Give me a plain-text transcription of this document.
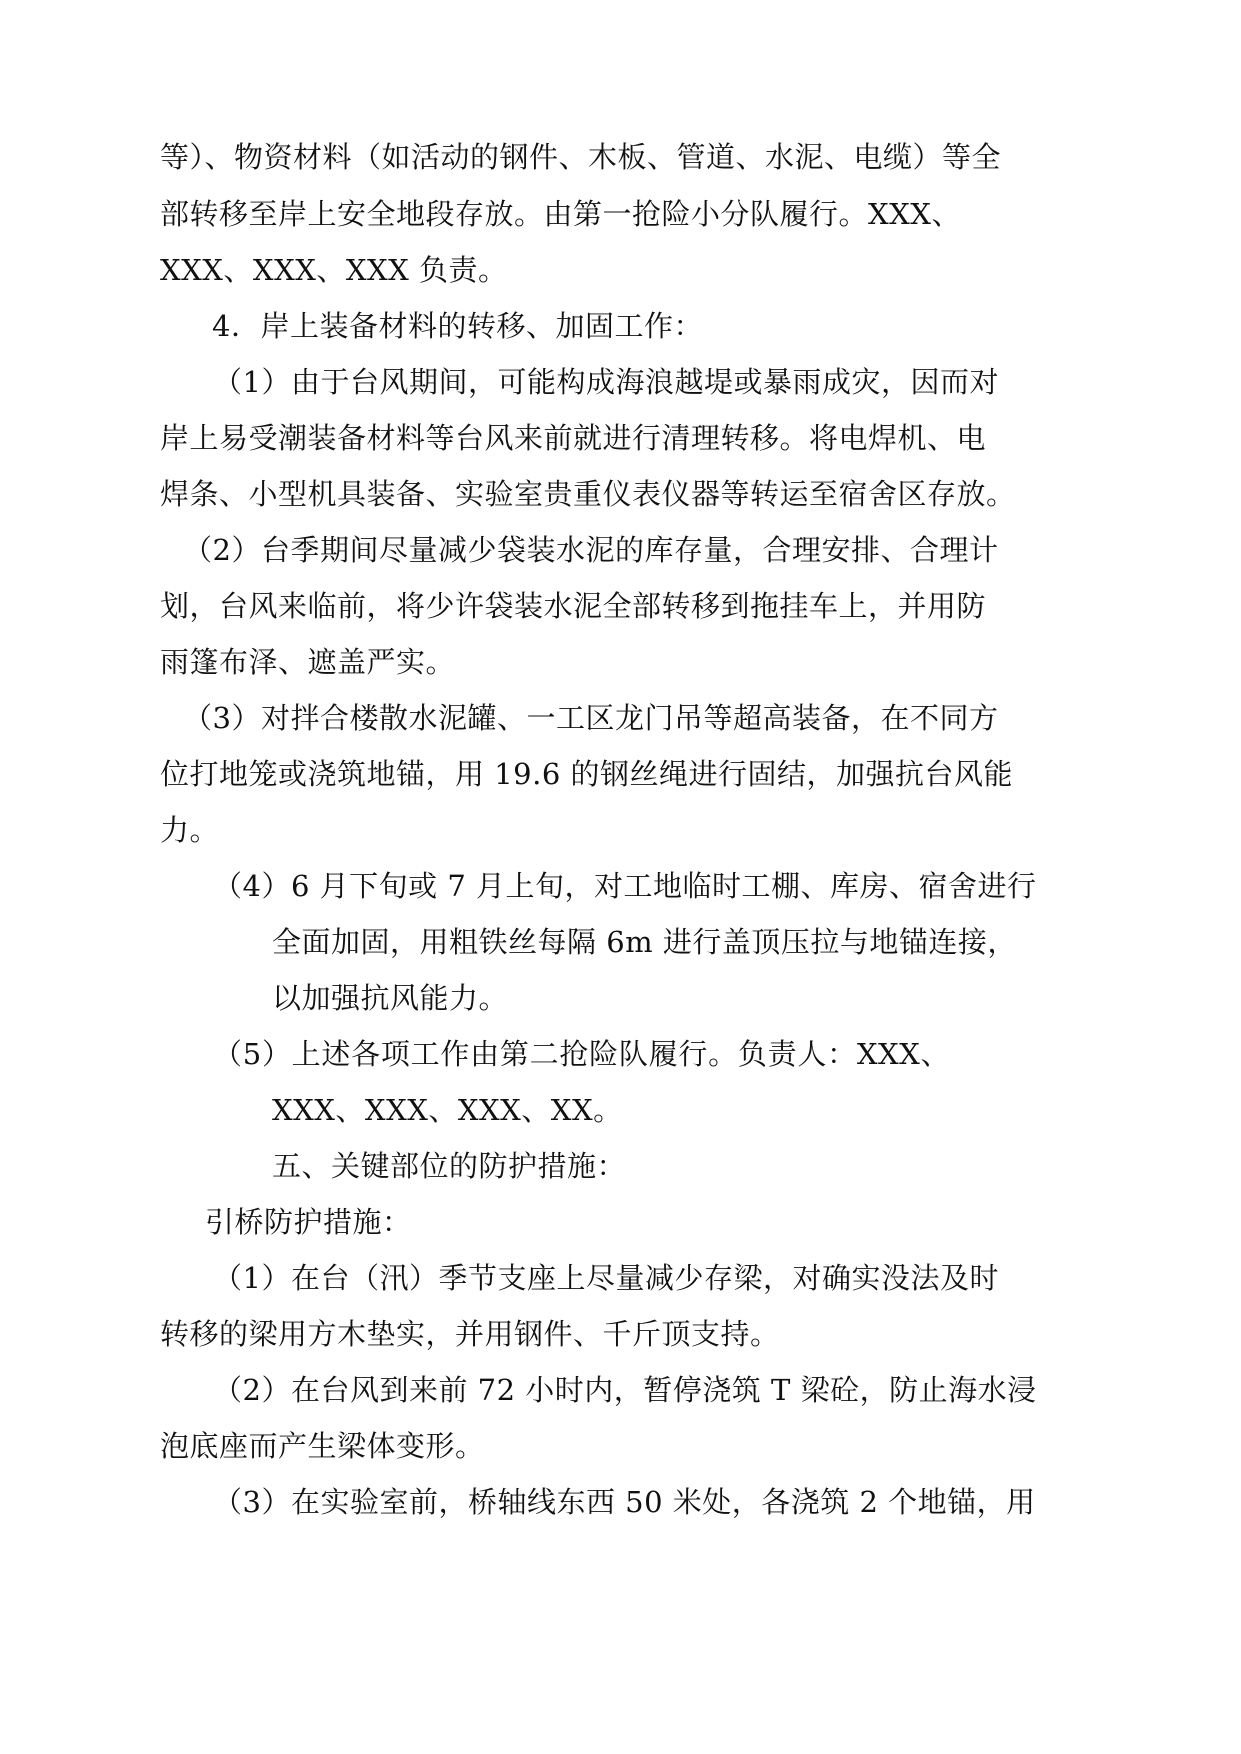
等）、物资材料（如活动的钢件、木板、管道、水泥、电缆）等全
部转移至岸上安全地段存放。由第一抢险小分队履行。XXX、
XXX、XXX、XXX 负责。
4．岸上装备材料的转移、加固工作：
（1）由于台风期间，可能构成海浪越堤或暴雨成灾，因而对
岸上易受潮装备材料等台风来前就进行清理转移。将电焊机、电
焊条、小型机具装备、实验室贵重仪表仪器等转运至宿舍区存放。
（2）台季期间尽量减少袋装水泥的库存量，合理安排、合理计
划，台风来临前，将少许袋装水泥全部转移到拖挂车上，并用防
雨篷布泽、遮盖严实。
（3）对拌合楼散水泥罐、一工区龙门吊等超高装备，在不同方
位打地笼或浇筑地锚，用 19.6 的钢丝绳进行固结，加强抗台风能
力。
（4）6 月下旬或 7 月上旬，对工地临时工棚、库房、宿舍进行
全面加固，用粗铁丝每隔 6m 进行盖顶压拉与地锚连接，
以加强抗风能力。
（5）上述各项工作由第二抢险队履行。负责人：XXX、
XXX、XXX、XXX、XX。
五、关键部位的防护措施：
引桥防护措施：
（1）在台（汛）季节支座上尽量减少存梁，对确实没法及时
转移的梁用方木垫实，并用钢件、千斤顶支持。
（2）在台风到来前 72 小时内，暂停浇筑 T 梁砼，防止海水浸
泡底座而产生梁体变形。
（3）在实验室前，桥轴线东西 50 米处，各浇筑 2 个地锚，用
